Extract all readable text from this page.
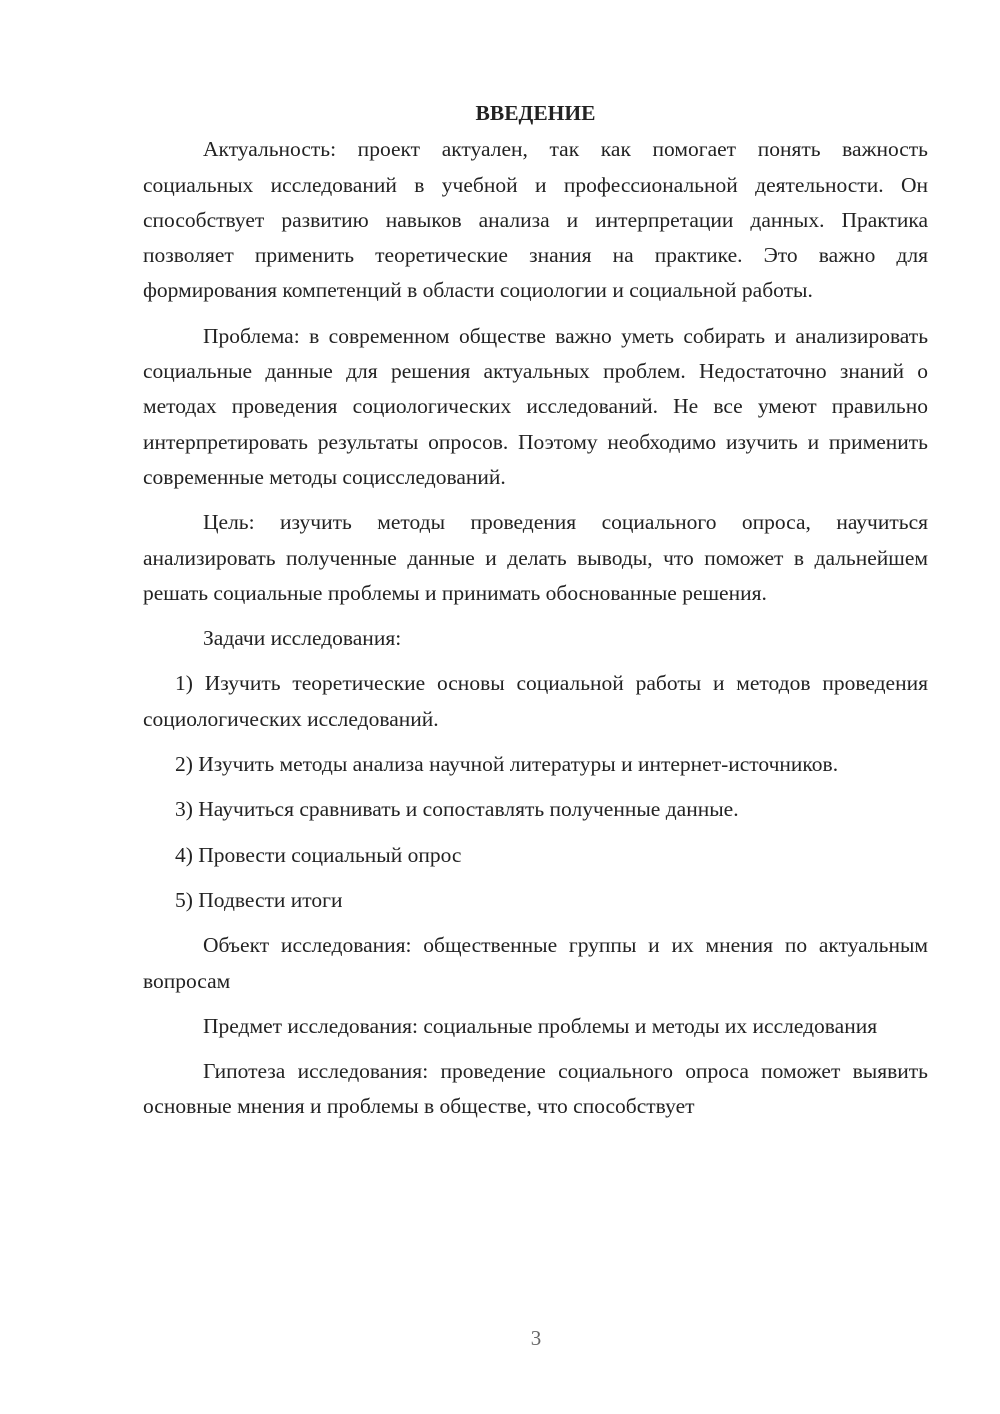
ВВЕДЕНИЕ

Актуальность: проект актуален, так как помогает понять важность социальных исследований в учебной и профессиональной деятельности. Он способствует развитию навыков анализа и интерпретации данных. Практика позволяет применить теоретические знания на практике. Это важно для формирования компетенций в области социологии и социальной работы.

Проблема: в современном обществе важно уметь собирать и анализировать социальные данные для решения актуальных проблем. Недостаточно знаний о методах проведения социологических исследований. Не все умеют правильно интерпретировать результаты опросов. Поэтому необходимо изучить и применить современные методы социсследований.

Цель: изучить методы проведения социального опроса, научиться анализировать полученные данные и делать выводы, что поможет в дальнейшем решать социальные проблемы и принимать обоснованные решения.

Задачи исследования:

1) Изучить теоретические основы социальной работы и методов проведения социологических исследований.

2) Изучить методы анализа научной литературы и интернет-источников.

3) Научиться сравнивать и сопоставлять полученные данные.

4) Провести социальный опрос

5) Подвести итоги

Объект исследования: общественные группы и их мнения по актуальным вопросам

Предмет исследования: социальные проблемы и методы их исследования

Гипотеза исследования: проведение социального опроса поможет выявить основные мнения и проблемы в обществе, что способствует

3
